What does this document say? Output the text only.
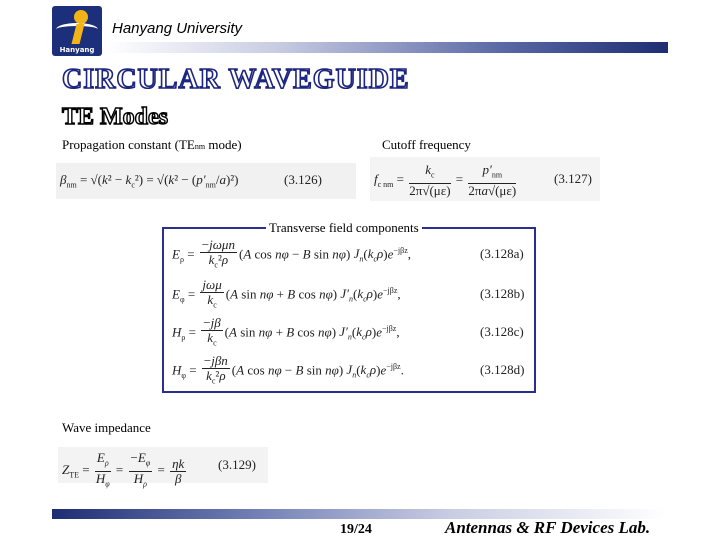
Hanyang
Hanyang University
CIRCULAR WAVEGUIDE
TE Modes
Propagation constant (TEnm mode)
$\beta_{nm} = √(k^2 - k_c^2) = √(k^2 - (p'_{nm}/a)^2)$	(3.126)
Cutoff frequency
$f_{c nm} = \frac{k_c}{2\pi√(\mu\varepsilon)} = \frac{p'_{nm}}{2\pi a√(\mu\varepsilon)}$	(3.127)
Transverse field components
$E_\rho = \frac{\text{−jωμn}}{k_c^2\rho} (A$ cos nφ − B sin nφ) $J_n(k_c\rho)e^{-j\beta z}$,	(3.128a)
$E_\varphi = \frac{\text{jωμ}}{k_c} (A$ sin nφ + B cos nφ) $J'_n(k_c\rho)e^{-j\beta z}$,	(3.128b)
$H_\rho = \frac{-j\beta}{k_c} (A$ sin nφ + B cos nφ) $J'_n(k_c\rho)e^{-j\beta z}$,	(3.128c)
$H_\varphi = \frac{\text{−jβn}}{k_c^2\rho} (A$ cos nφ − B sin nφ) $J_n(k_c\rho)e^{-j\beta z}$.	(3.128d)
Wave impedance
$Z_{TE} = \frac{E_\rho}{H_\varphi} = \frac{-E_\varphi}{H_\rho} = \frac{\eta k}{\beta} (3.129)$
19/24	Antennas & RF Devices Lab.
